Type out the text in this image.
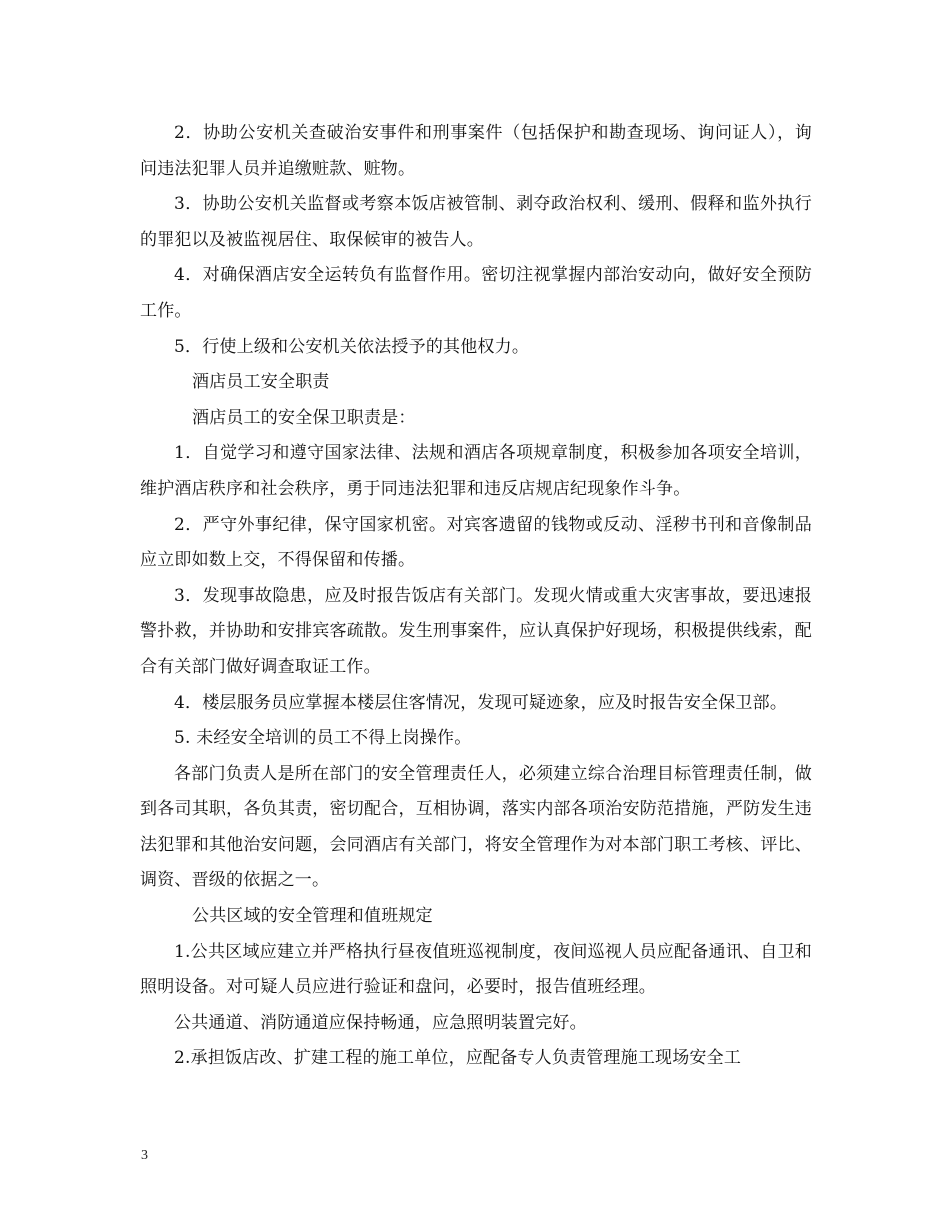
2．协助公安机关查破治安事件和刑事案件（包括保护和勘查现场、询问证人），询问违法犯罪人员并追缴赃款、赃物。

3．协助公安机关监督或考察本饭店被管制、剥夺政治权利、缓刑、假释和监外执行的罪犯以及被监视居住、取保候审的被告人。

4．对确保酒店安全运转负有监督作用。密切注视掌握内部治安动向，做好安全预防工作。

5．行使上级和公安机关依法授予的其他权力。

酒店员工安全职责

酒店员工的安全保卫职责是：

1．自觉学习和遵守国家法律、法规和酒店各项规章制度，积极参加各项安全培训，维护酒店秩序和社会秩序，勇于同违法犯罪和违反店规店纪现象作斗争。

2．严守外事纪律，保守国家机密。对宾客遗留的钱物或反动、淫秽书刊和音像制品应立即如数上交，不得保留和传播。

3．发现事故隐患，应及时报告饭店有关部门。发现火情或重大灾害事故，要迅速报警扑救，并协助和安排宾客疏散。发生刑事案件，应认真保护好现场，积极提供线索，配合有关部门做好调查取证工作。

4．楼层服务员应掌握本楼层住客情况，发现可疑迹象，应及时报告安全保卫部。

5. 未经安全培训的员工不得上岗操作。

各部门负责人是所在部门的安全管理责任人，必须建立综合治理目标管理责任制，做到各司其职，各负其责，密切配合，互相协调，落实内部各项治安防范措施，严防发生违法犯罪和其他治安问题，会同酒店有关部门，将安全管理作为对本部门职工考核、评比、调资、晋级的依据之一。

公共区域的安全管理和值班规定

1.公共区域应建立并严格执行昼夜值班巡视制度，夜间巡视人员应配备通讯、自卫和照明设备。对可疑人员应进行验证和盘问，必要时，报告值班经理。

公共通道、消防通道应保持畅通，应急照明装置完好。

2.承担饭店改、扩建工程的施工单位，应配备专人负责管理施工现场安全工

3
